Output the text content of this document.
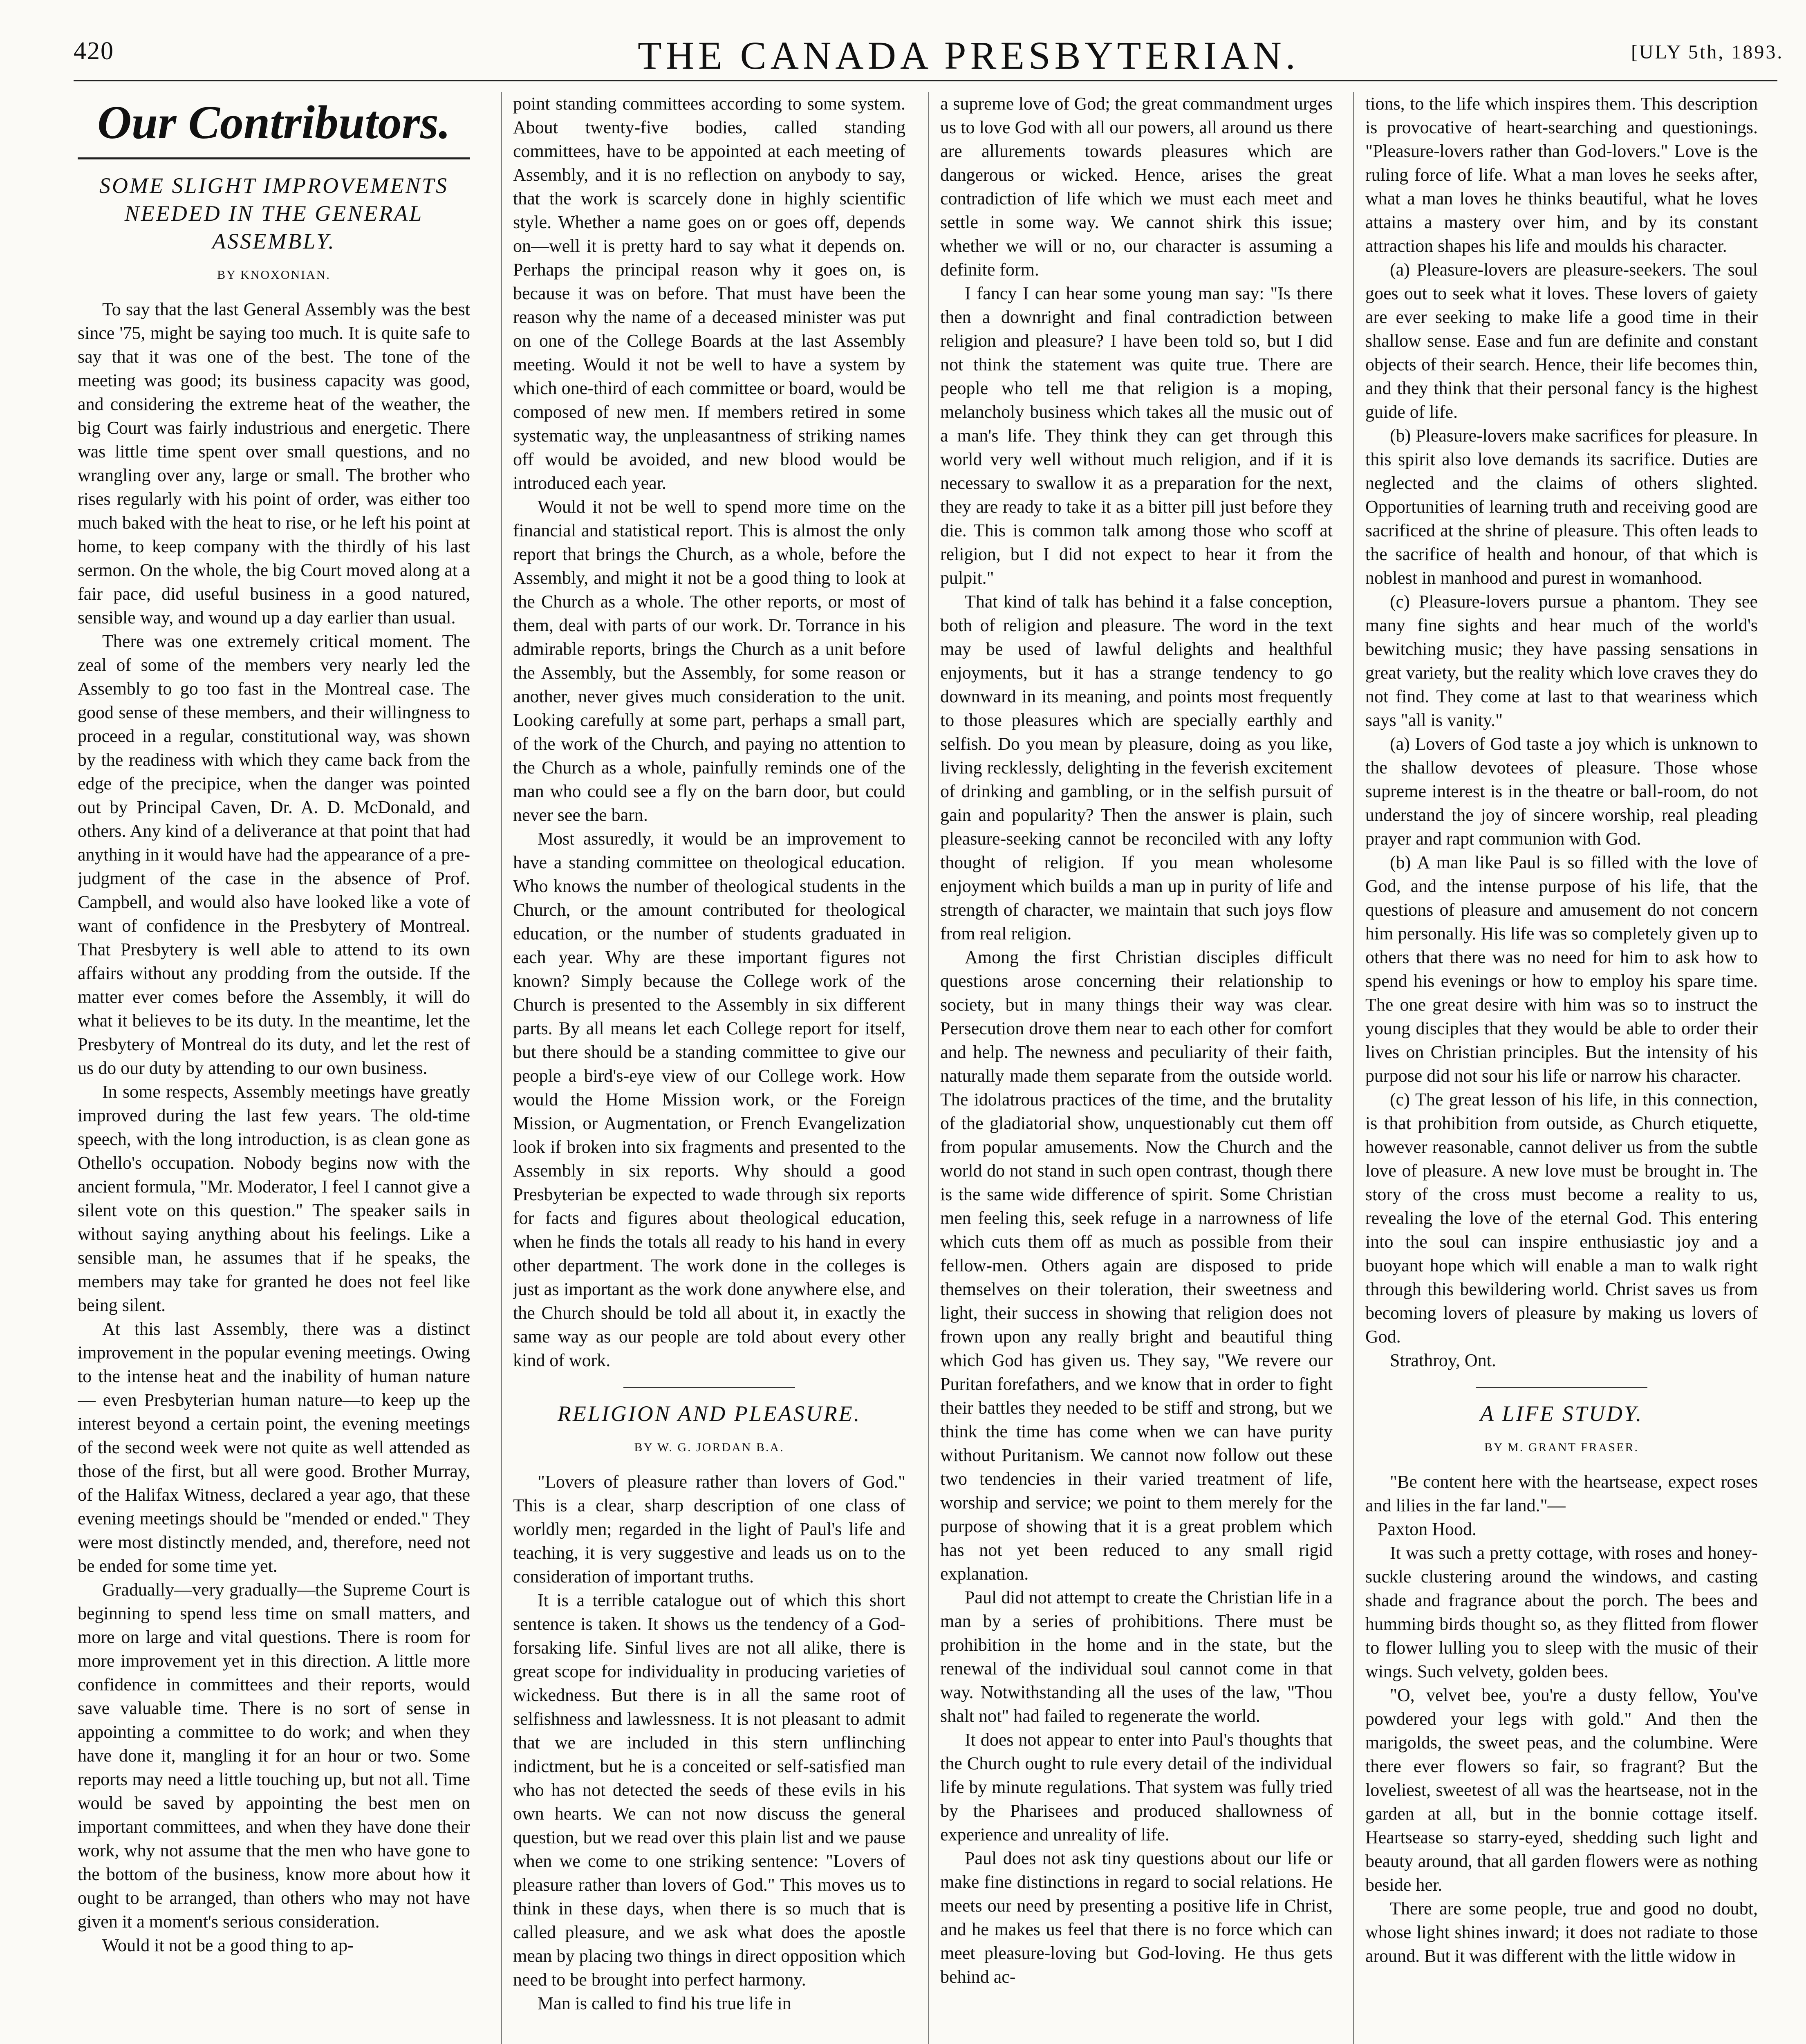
420	THE CANADA PRESBYTERIAN.	[ULY 5th, 1893.
Our Contributors.
SOME SLIGHT IMPROVEMENTS NEEDED IN THE GENERAL ASSEMBLY.
BY KNOXONIAN.

To say that the last General Assembly was the best since '75, might be saying too much. It is quite safe to say that it was one of the best. The tone of the meeting was good; its business capacity was good, and considering the extreme heat of the weather, the big Court was fairly industrious and energetic. There was little time spent over small questions, and no wrangling over any, large or small. The brother who rises regularly with his point of order, was either too much baked with the heat to rise, or he left his point at home, to keep company with the thirdly of his last sermon. On the whole, the big Court moved along at a fair pace, did useful business in a good natured, sensible way, and wound up a day earlier than usual.

There was one extremely critical moment. The zeal of some of the members very nearly led the Assembly to go too fast in the Montreal case. The good sense of these members, and their willingness to proceed in a regular, constitutional way, was shown by the readiness with which they came back from the edge of the precipice, when the danger was pointed out by Principal Caven, Dr. A. D. McDonald, and others. Any kind of a deliverance at that point that had anything in it would have had the appearance of a pre-judgment of the case in the absence of Prof. Campbell, and would also have looked like a vote of want of confidence in the Presbytery of Montreal. That Presbytery is well able to attend to its own affairs without any prodding from the outside. If the matter ever comes before the Assembly, it will do what it believes to be its duty. In the meantime, let the Presbytery of Montreal do its duty, and let the rest of us do our duty by attending to our own business.

In some respects, Assembly meetings have greatly improved during the last few years. The old-time speech, with the long introduction, is as clean gone as Othello's occupation. Nobody begins now with the ancient formula, "Mr. Moderator, I feel I cannot give a silent vote on this question." The speaker sails in without saying anything about his feelings. Like a sensible man, he assumes that if he speaks, the members may take for granted he does not feel like being silent.

At this last Assembly, there was a distinct improvement in the popular evening meetings. Owing to the intense heat and the inability of human nature — even Presbyterian human nature—to keep up the interest beyond a certain point, the evening meetings of the second week were not quite as well attended as those of the first, but all were good. Brother Murray, of the Halifax Witness, declared a year ago, that these evening meetings should be "mended or ended." They were most distinctly mended, and, therefore, need not be ended for some time yet.

Gradually—very gradually—the Supreme Court is beginning to spend less time on small matters, and more on large and vital questions. There is room for more improvement yet in this direction. A little more confidence in committees and their reports, would save valuable time. There is no sort of sense in appointing a committee to do work; and when they have done it, mangling it for an hour or two. Some reports may need a little touching up, but not all. Time would be saved by appointing the best men on important committees, and when they have done their work, why not assume that the men who have gone to the bottom of the business, know more about how it ought to be arranged, than others who may not have given it a moment's serious consideration.

Would it not be a good thing to ap-

point standing committees according to some system. About twenty-five bodies, called standing committees, have to be appointed at each meeting of Assembly, and it is no reflection on anybody to say, that the work is scarcely done in highly scientific style. Whether a name goes on or goes off, depends on—well it is pretty hard to say what it depends on. Perhaps the principal reason why it goes on, is because it was on before. That must have been the reason why the name of a deceased minister was put on one of the College Boards at the last Assembly meeting. Would it not be well to have a system by which one-third of each committee or board, would be composed of new men. If members retired in some systematic way, the unpleasantness of striking names off would be avoided, and new blood would be introduced each year.

Would it not be well to spend more time on the financial and statistical report. This is almost the only report that brings the Church, as a whole, before the Assembly, and might it not be a good thing to look at the Church as a whole. The other reports, or most of them, deal with parts of our work. Dr. Torrance in his admirable reports, brings the Church as a unit before the Assembly, but the Assembly, for some reason or another, never gives much consideration to the unit. Looking carefully at some part, perhaps a small part, of the work of the Church, and paying no attention to the Church as a whole, painfully reminds one of the man who could see a fly on the barn door, but could never see the barn.

Most assuredly, it would be an improvement to have a standing committee on theological education. Who knows the number of theological students in the Church, or the amount contributed for theological education, or the number of students graduated in each year. Why are these important figures not known? Simply because the College work of the Church is presented to the Assembly in six different parts. By all means let each College report for itself, but there should be a standing committee to give our people a bird's-eye view of our College work. How would the Home Mission work, or the Foreign Mission, or Augmentation, or French Evangelization look if broken into six fragments and presented to the Assembly in six reports. Why should a good Presbyterian be expected to wade through six reports for facts and figures about theological education, when he finds the totals all ready to his hand in every other department. The work done in the colleges is just as important as the work done anywhere else, and the Church should be told all about it, in exactly the same way as our people are told about every other kind of work.

RELIGION AND PLEASURE.
BY W. G. JORDAN B.A.

"Lovers of pleasure rather than lovers of God." This is a clear, sharp description of one class of worldly men; regarded in the light of Paul's life and teaching, it is very suggestive and leads us on to the consideration of important truths.

It is a terrible catalogue out of which this short sentence is taken. It shows us the tendency of a God-forsaking life. Sinful lives are not all alike, there is great scope for individuality in producing varieties of wickedness. But there is in all the same root of selfishness and lawlessness. It is not pleasant to admit that we are included in this stern unflinching indictment, but he is a conceited or self-satisfied man who has not detected the seeds of these evils in his own hearts. We can not now discuss the general question, but we read over this plain list and we pause when we come to one striking sentence: "Lovers of pleasure rather than lovers of God." This moves us to think in these days, when there is so much that is called pleasure, and we ask what does the apostle mean by placing two things in direct opposition which need to be brought into perfect harmony.

Man is called to find his true life in

a supreme love of God; the great commandment urges us to love God with all our powers, all around us there are allurements towards pleasures which are dangerous or wicked. Hence, arises the great contradiction of life which we must each meet and settle in some way. We cannot shirk this issue; whether we will or no, our character is assuming a definite form.

I fancy I can hear some young man say: "Is there then a downright and final contradiction between religion and pleasure? I have been told so, but I did not think the statement was quite true. There are people who tell me that religion is a moping, melancholy business which takes all the music out of a man's life. They think they can get through this world very well without much religion, and if it is necessary to swallow it as a preparation for the next, they are ready to take it as a bitter pill just before they die. This is common talk among those who scoff at religion, but I did not expect to hear it from the pulpit."

That kind of talk has behind it a false conception, both of religion and pleasure. The word in the text may be used of lawful delights and healthful enjoyments, but it has a strange tendency to go downward in its meaning, and points most frequently to those pleasures which are specially earthly and selfish. Do you mean by pleasure, doing as you like, living recklessly, delighting in the feverish excitement of drinking and gambling, or in the selfish pursuit of gain and popularity? Then the answer is plain, such pleasure-seeking cannot be reconciled with any lofty thought of religion. If you mean wholesome enjoyment which builds a man up in purity of life and strength of character, we maintain that such joys flow from real religion.

Among the first Christian disciples difficult questions arose concerning their relationship to society, but in many things their way was clear. Persecution drove them near to each other for comfort and help. The newness and peculiarity of their faith, naturally made them separate from the outside world. The idolatrous practices of the time, and the brutality of the gladiatorial show, unquestionably cut them off from popular amusements. Now the Church and the world do not stand in such open contrast, though there is the same wide difference of spirit. Some Christian men feeling this, seek refuge in a narrowness of life which cuts them off as much as possible from their fellow-men. Others again are disposed to pride themselves on their toleration, their sweetness and light, their success in showing that religion does not frown upon any really bright and beautiful thing which God has given us. They say, "We revere our Puritan forefathers, and we know that in order to fight their battles they needed to be stiff and strong, but we think the time has come when we can have purity without Puritanism. We cannot now follow out these two tendencies in their varied treatment of life, worship and service; we point to them merely for the purpose of showing that it is a great problem which has not yet been reduced to any small rigid explanation.

Paul did not attempt to create the Christian life in a man by a series of prohibitions. There must be prohibition in the home and in the state, but the renewal of the individual soul cannot come in that way. Notwithstanding all the uses of the law, "Thou shalt not" had failed to regenerate the world.

It does not appear to enter into Paul's thoughts that the Church ought to rule every detail of the individual life by minute regulations. That system was fully tried by the Pharisees and produced shallowness of experience and unreality of life.

Paul does not ask tiny questions about our life or make fine distinctions in regard to social relations. He meets our need by presenting a positive life in Christ, and he makes us feel that there is no force which can meet pleasure-loving but God-loving. He thus gets behind ac-

tions, to the life which inspires them. This description is provocative of heart-searching and questionings. "Pleasure-lovers rather than God-lovers." Love is the ruling force of life. What a man loves he seeks after, what a man loves he thinks beautiful, what he loves attains a mastery over him, and by its constant attraction shapes his life and moulds his character.

(a) Pleasure-lovers are pleasure-seekers. The soul goes out to seek what it loves. These lovers of gaiety are ever seeking to make life a good time in their shallow sense. Ease and fun are definite and constant objects of their search. Hence, their life becomes thin, and they think that their personal fancy is the highest guide of life.

(b) Pleasure-lovers make sacrifices for pleasure. In this spirit also love demands its sacrifice. Duties are neglected and the claims of others slighted. Opportunities of learning truth and receiving good are sacrificed at the shrine of pleasure. This often leads to the sacrifice of health and honour, of that which is noblest in manhood and purest in womanhood.

(c) Pleasure-lovers pursue a phantom. They see many fine sights and hear much of the world's bewitching music; they have passing sensations in great variety, but the reality which love craves they do not find. They come at last to that weariness which says "all is vanity."

(a) Lovers of God taste a joy which is unknown to the shallow devotees of pleasure. Those whose supreme interest is in the theatre or ball-room, do not understand the joy of sincere worship, real pleading prayer and rapt communion with God.

(b) A man like Paul is so filled with the love of God, and the intense purpose of his life, that the questions of pleasure and amusement do not concern him personally. His life was so completely given up to others that there was no need for him to ask how to spend his evenings or how to employ his spare time. The one great desire with him was so to instruct the young disciples that they would be able to order their lives on Christian principles. But the intensity of his purpose did not sour his life or narrow his character.

(c) The great lesson of his life, in this connection, is that prohibition from outside, as Church etiquette, however reasonable, cannot deliver us from the subtle love of pleasure. A new love must be brought in. The story of the cross must become a reality to us, revealing the love of the eternal God. This entering into the soul can inspire enthusiastic joy and a buoyant hope which will enable a man to walk right through this bewildering world. Christ saves us from becoming lovers of pleasure by making us lovers of God.

Strathroy, Ont.

A LIFE STUDY.
BY M. GRANT FRASER.

"Be content here with the heartsease, expect roses and lilies in the far land."—

Paxton Hood.

It was such a pretty cottage, with roses and honey-suckle clustering around the windows, and casting shade and fragrance about the porch. The bees and humming birds thought so, as they flitted from flower to flower lulling you to sleep with the music of their wings. Such velvety, golden bees.

"O, velvet bee, you're a dusty fellow, You've powdered your legs with gold." And then the marigolds, the sweet peas, and the columbine. Were there ever flowers so fair, so fragrant? But the loveliest, sweetest of all was the heartsease, not in the garden at all, but in the bonnie cottage itself. Heartsease so starry-eyed, shedding such light and beauty around, that all garden flowers were as nothing beside her.

There are some people, true and good no doubt, whose light shines inward; it does not radiate to those around. But it was different with the little widow in
